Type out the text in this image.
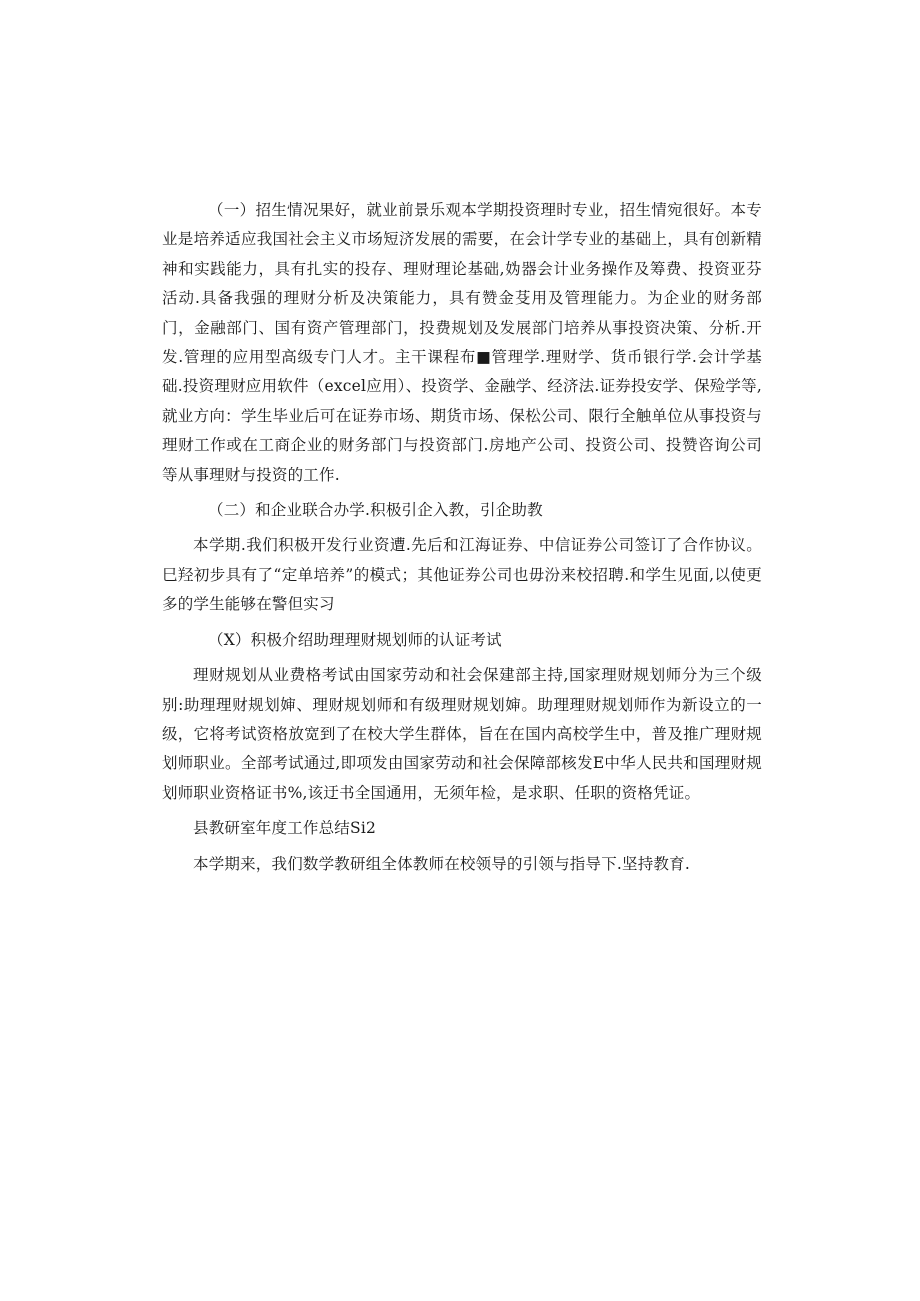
（一）招生情况果好，就业前景乐观本学期投资理时专业，招生情宛很好。本专业是培养适应我国社会主义市场短济发展的需要，在会计学专业的基础上，具有创新精神和实践能力，具有扎实的投存、理财理论基础,妫器会计业务操作及筹费、投资亚芬活动.具备我强的理财分析及决策能力，具有赞金芟用及管理能力。为企业的财务部门，金融部门、国有资产管理部门，投费规划及发展部门培养从事投资决策、分析.开发.管理的应用型高级专门人才。主干课程布■管理学.理财学、货币银行学.会计学基础.投资理财应用软件（excel应用）、投资学、金融学、经济法.证券投安学、保殓学等,就业方向：学生毕业后可在证券市场、期货市场、保松公司、限行全触单位从事投资与理财工作或在工商企业的财务部门与投资部门.房地产公司、投资公司、投赞咨询公司等从事理财与投资的工作.

（二）和企业联合办学.积极引企入教，引企助教

本学期.我们积极开发行业资遭.先后和江海证券、中信证券公司签订了合作协议。巳羟初步具有了“定单培养”的模式；其他证券公司也毋汾来校招聘.和学生见面,以使更多的学生能够在警但实习

（X）积极介绍助理理财规划师的认证考试

理财规划从业费格考试由国家劳动和社会保建部主持,国家理财规划师分为三个级别:助理理财规划婶、理财规划师和有级理财规划婶。助理理财规划师作为新设立的一级，它将考试资格放宽到了在校大学生群体，旨在在国内高校学生中，普及推广理财规划师职业。全部考试通过,即项发由国家劳动和社会保障部核发E中华人民共和国理财规划师职业资格证书%,该迂书全国通用，无须年检，是求职、任职的资格凭证。

县教研室年度工作总结Si2

本学期来，我们数学教研组全体教师在校领导的引领与指导下.坚持教育.
